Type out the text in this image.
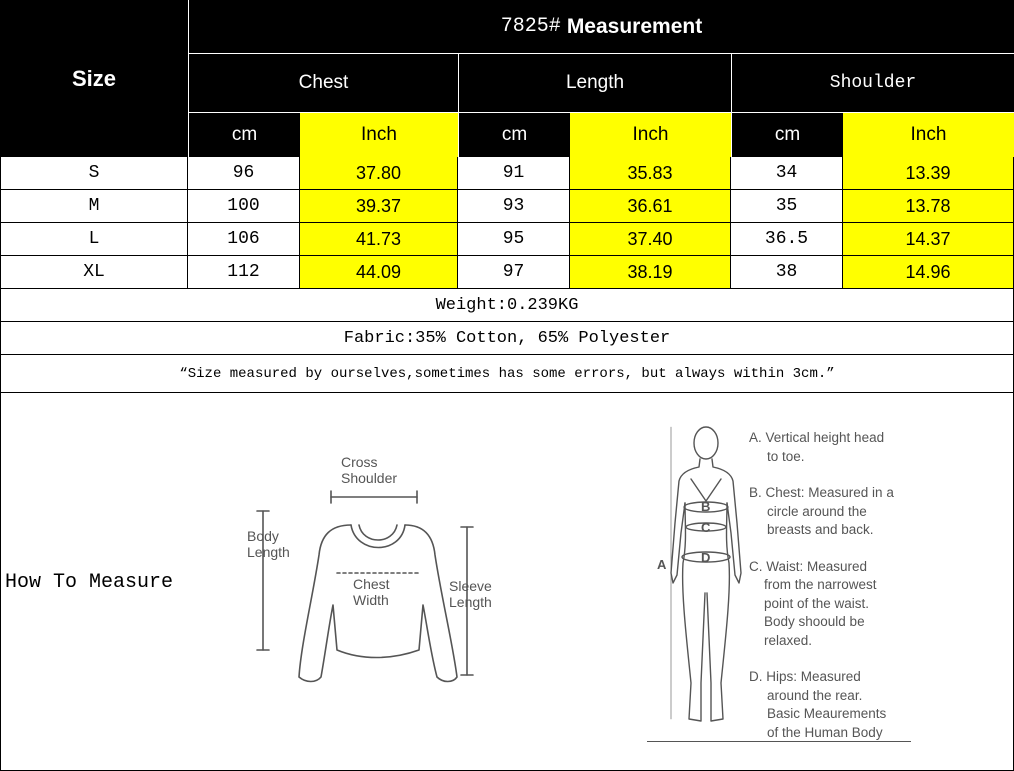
Size
7825# Measurement
Chest	Length	Shoulder
cm	Inch	cm	Inch	cm	Inch
S	96	37.80	91	35.83	34	13.39
M	100	39.37	93	36.61	35	13.78
L	106	41.73	95	37.40	36.5	14.37
XL	112	44.09	97	38.19	38	14.96
Weight:0.239KG
Fabric:35% Cotton, 65% Polyester
“Size measured by ourselves,sometimes has some errors, but always within 3cm.”
How To Measure
Cross
Shoulder
Body
Length
Chest
Width
Sleeve
Length
A
B
C
D
A. Vertical height head
to toe.
B. Chest: Measured in a
circle around the
breasts and back.
C. Waist: Measured
from the narrowest
point of the waist.
Body shoould be
relaxed.
D. Hips: Measured
around the rear.
Basic Meaurements
of the Human Body
